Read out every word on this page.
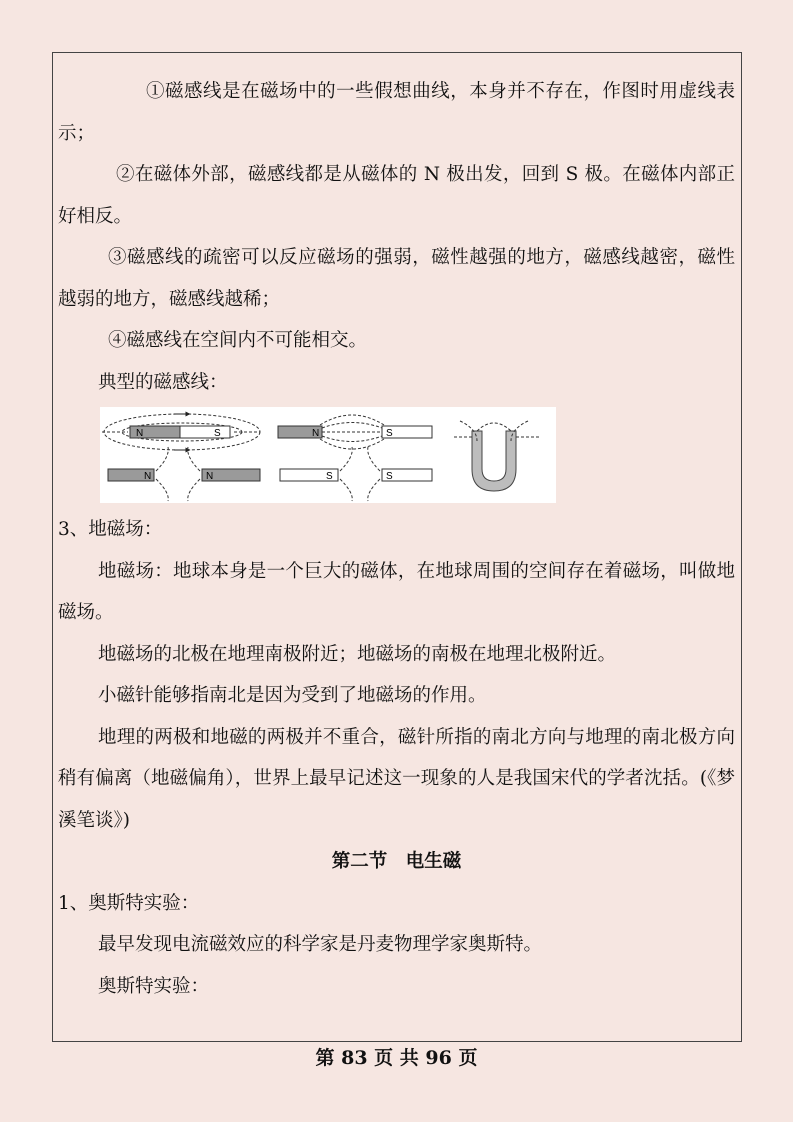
①磁感线是在磁场中的一些假想曲线，本身并不存在，作图时用虚线表示；

②在磁体外部，磁感线都是从磁体的 N 极出发，回到 S 极。在磁体内部正好相反。

③磁感线的疏密可以反应磁场的强弱，磁性越强的地方，磁感线越密，磁性越弱的地方，磁感线越稀；

④磁感线在空间内不可能相交。

典型的磁感线：

N	S	N	S
N	N	S	S

3、地磁场：

地磁场：地球本身是一个巨大的磁体，在地球周围的空间存在着磁场，叫做地磁场。

地磁场的北极在地理南极附近；地磁场的南极在地理北极附近。

小磁针能够指南北是因为受到了地磁场的作用。

地理的两极和地磁的两极并不重合，磁针所指的南北方向与地理的南北极方向稍有偏离（地磁偏角），世界上最早记述这一现象的人是我国宋代的学者沈括。(《梦溪笔谈》)

第二节　电生磁

1、奥斯特实验：

最早发现电流磁效应的科学家是丹麦物理学家奥斯特。

奥斯特实验：

第 83 页 共 96 页
